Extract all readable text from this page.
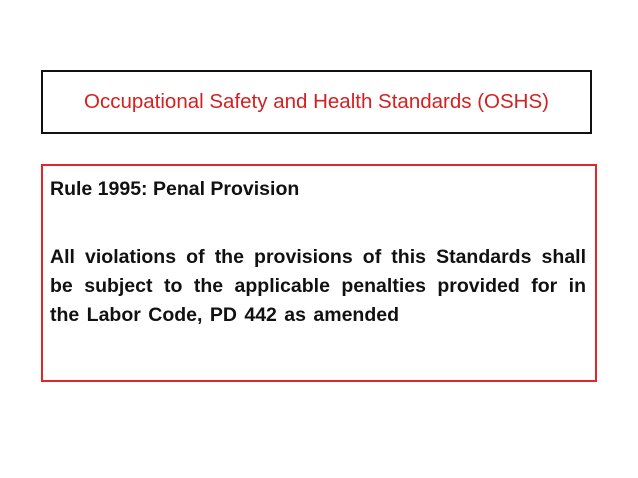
Occupational Safety and Health Standards (OSHS)

Rule 1995: Penal Provision

All violations of the provisions of this Standards shall be subject to the applicable penalties provided for in the Labor Code, PD 442 as amended
